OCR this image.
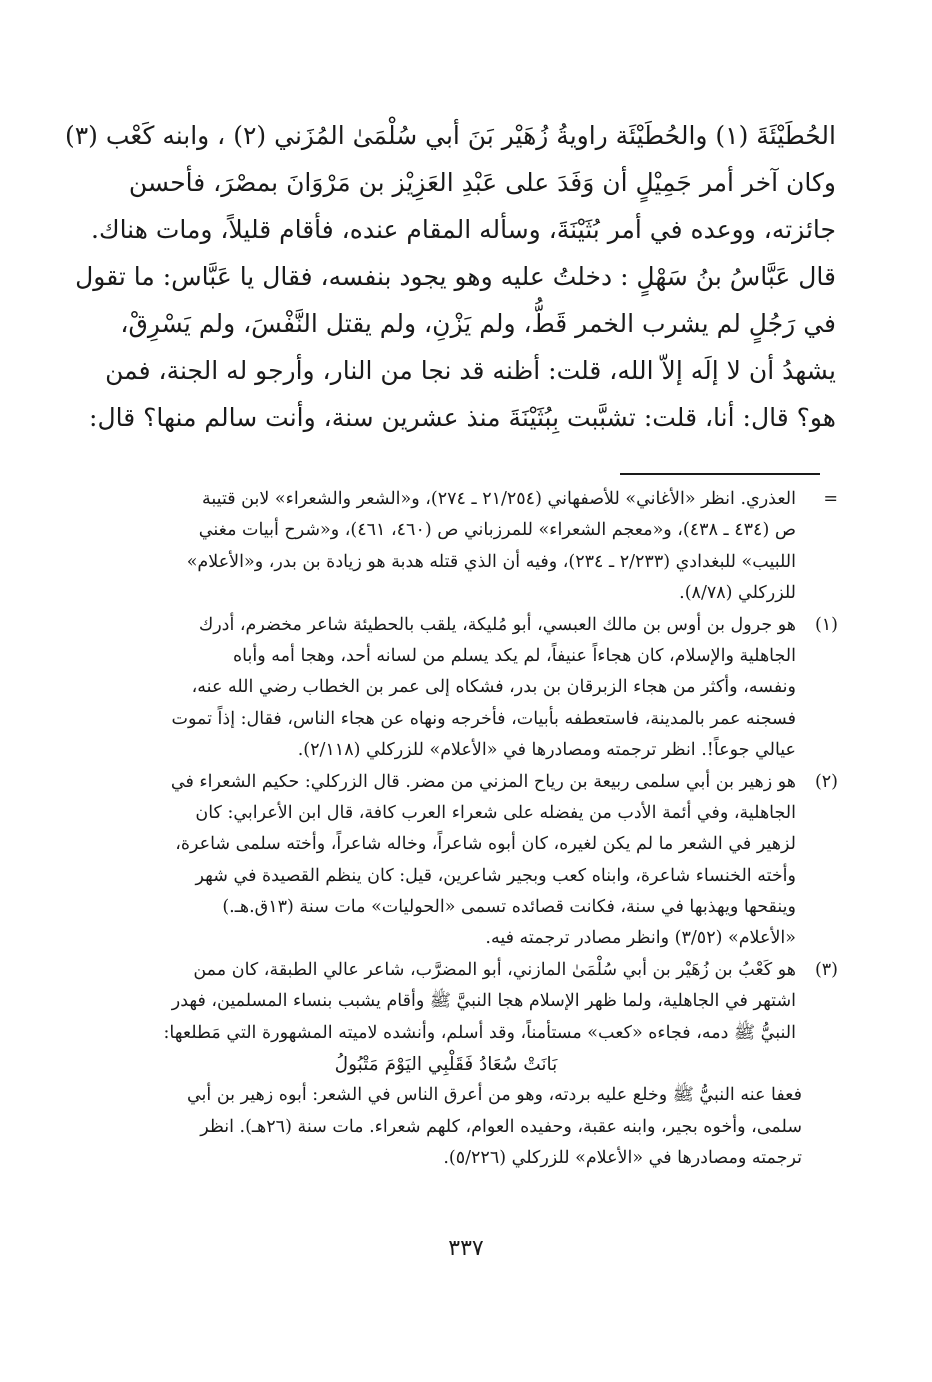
الحُطَيْئَةَ (١) والحُطَيْئَة راويةُ زُهَيْر بَنَ أبي سُلْمَىٰ المُزَني (٢) ، وابنه كَعْب (٣)
وكان آخر أمر جَمِيْلٍ أن وَفَدَ على عَبْدِ العَزِيْز بن مَرْوَانَ بمصْرَ، فأحسن
جائزته، ووعده في أمر بُثَيْنَةَ، وسأله المقام عنده، فأقام قليلاً، ومات هناك.
قال عَبَّاسُ بنُ سَهْلٍ : دخلتُ عليه وهو يجود بنفسه، فقال يا عَبَّاس: ما تقول
في رَجُلٍ لم يشرب الخمر قَطُّ، ولم يَزْنِ، ولم يقتل النَّفْسَ، ولم يَسْرِقْ،
يشهدُ أن لا إلَه إلاّ الله، قلت: أظنه قد نجا من النار، وأرجو له الجنة، فمن
هو؟ قال: أنا، قلت: تشبَّبت بِبُثَيْنَةَ منذ عشرين سنة، وأنت سالم منها؟ قال:
=
العذري. انظر «الأغاني» للأصفهاني (٢١/٢٥٤ ـ ٢٧٤)، و«الشعر والشعراء» لابن قتيبة
ص (٤٣٤ ـ ٤٣٨)، و«معجم الشعراء» للمرزباني ص (٤٦٠، ٤٦١)، و«شرح أبيات مغني
اللبيب» للبغدادي (٢/٢٣٣ ـ ٢٣٤)، وفيه أن الذي قتله هدبة هو زيادة بن بدر، و«الأعلام»
للزركلي (٨/٧٨).
(١)
هو جرول بن أوس بن مالك العبسي، أبو مُليكة، يلقب بالحطيئة شاعر مخضرم، أدرك
الجاهلية والإسلام، كان هجاءاً عنيفاً، لم يكد يسلم من لسانه أحد، وهجا أمه وأباه
ونفسه، وأكثر من هجاء الزبرقان بن بدر، فشكاه إلى عمر بن الخطاب رضي الله عنه،
فسجنه عمر بالمدينة، فاستعطفه بأبيات، فأخرجه ونهاه عن هجاء الناس، فقال: إذاً تموت
عيالي جوعاً!. انظر ترجمته ومصادرها في «الأعلام» للزركلي (٢/١١٨).
(٢)
هو زهير بن أبي سلمى ربيعة بن رياح المزني من مضر. قال الزركلي: حكيم الشعراء في
الجاهلية، وفي أئمة الأدب من يفضله على شعراء العرب كافة، قال ابن الأعرابي: كان
لزهير في الشعر ما لم يكن لغيره، كان أبوه شاعراً، وخاله شاعراً، وأخته سلمى شاعرة،
وأخته الخنساء شاعرة، وابناه كعب وبجير شاعرين، قيل: كان ينظم القصيدة في شهر
وينقحها ويهذبها في سنة، فكانت قصائده تسمى «الحوليات» مات سنة (١٣ق.هـ.)
«الأعلام» (٣/٥٢) وانظر مصادر ترجمته فيه.
(٣)
هو كَعْبُ بن زُهَيْر بن أبي سُلْمَىٰ المازني، أبو المضرَّب، شاعر عالي الطبقة، كان ممن
اشتهر في الجاهلية، ولما ظهر الإسلام هجا النبيَّ ﷺ وأقام يشبب بنساء المسلمين، فهدر
النبيُّ ﷺ دمه، فجاءه «كعب» مستأمناً، وقد أسلم، وأنشده لاميته المشهورة التي مَطلعها:
بَانَتْ سُعَادُ فَقَلْبِي اليَوْمَ مَتْبُولُ
فعفا عنه النبيُّ ﷺ وخلع عليه بردته، وهو من أعرق الناس في الشعر: أبوه زهير بن أبي
سلمى، وأخوه بجير، وابنه عقبة، وحفيده العوام، كلهم شعراء. مات سنة (٢٦هـ). انظر
ترجمته ومصادرها في «الأعلام» للزركلي (٥/٢٢٦).
٣٣٧
